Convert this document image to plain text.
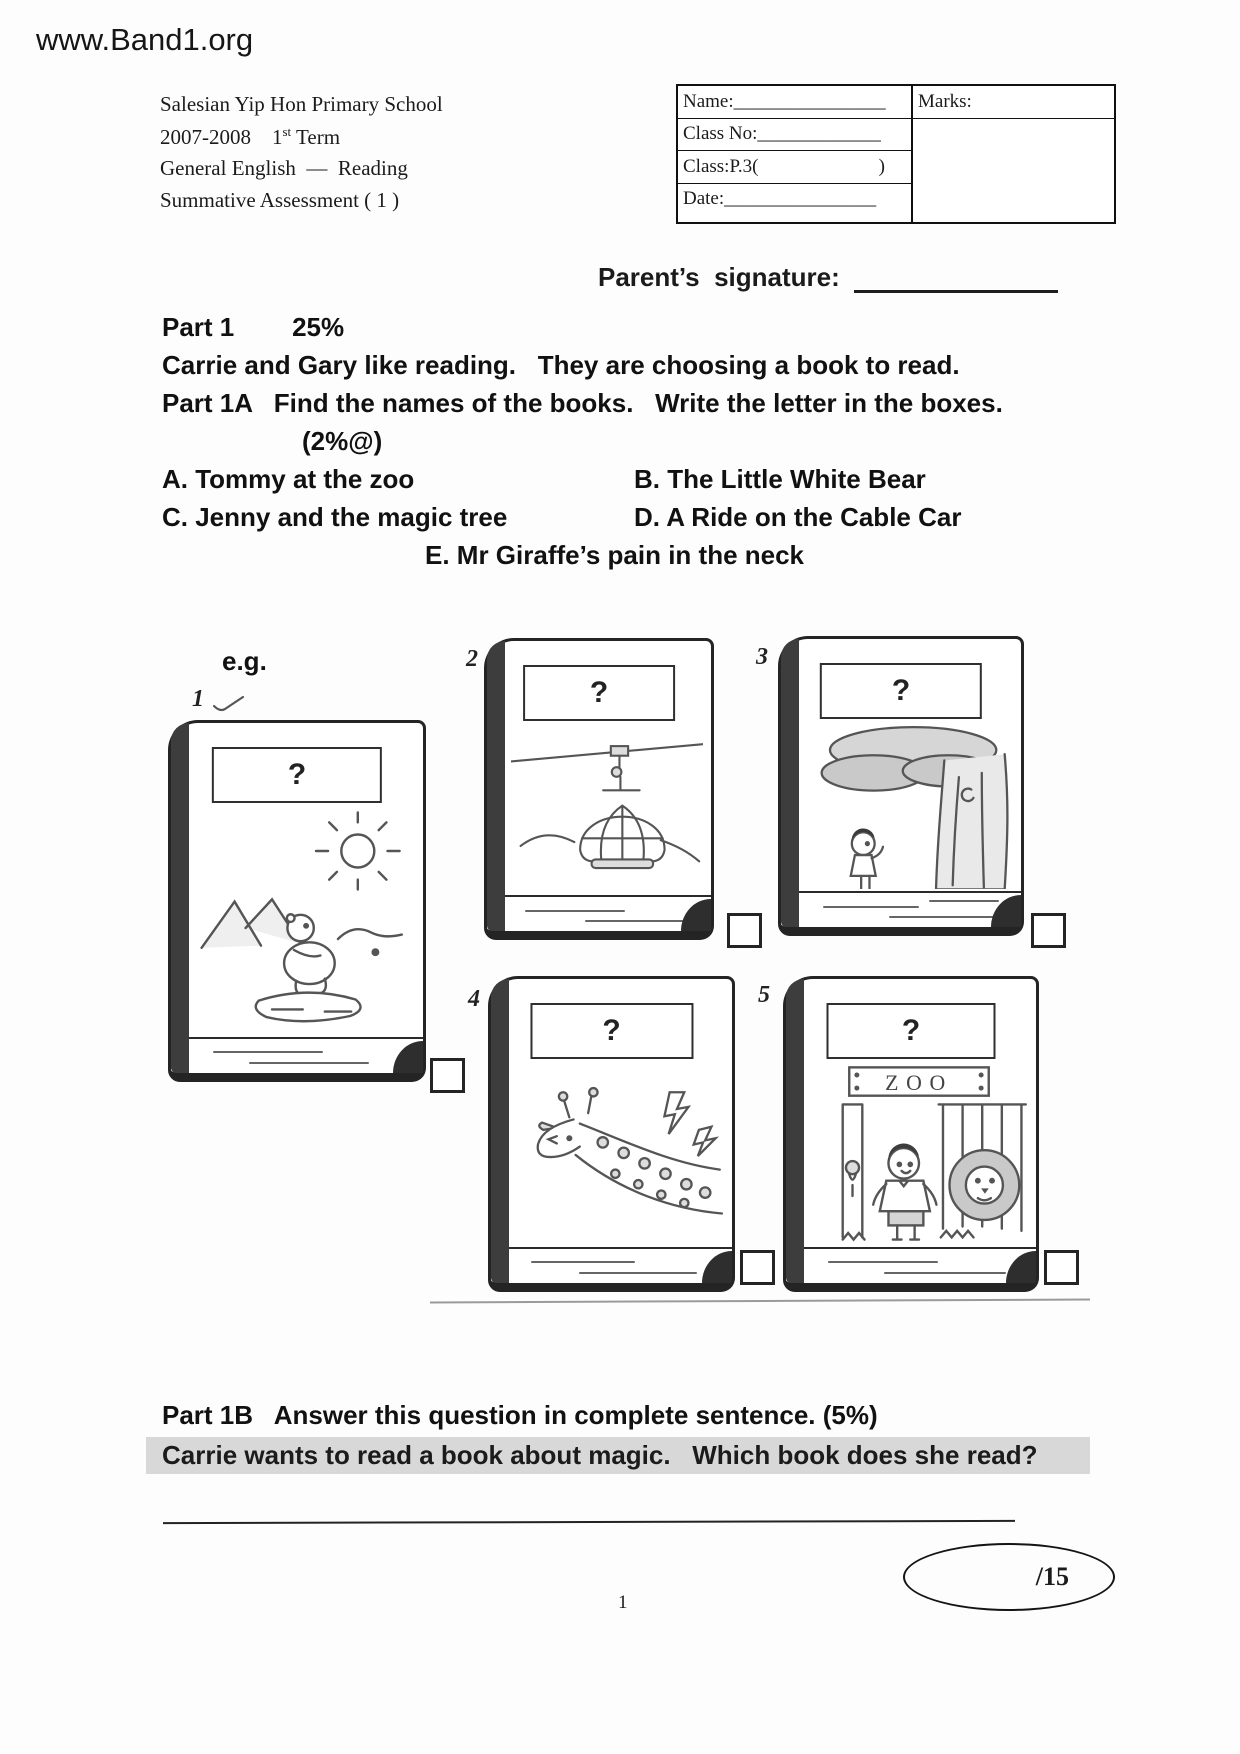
www.Band1.org
Salesian Yip Hon Primary School
2007-2008 1st Term
General English  —  Reading
Summative Assessment ( 1 )
Name:________________
Class No:_____________
Class:P.3(	)
Date:________________
Marks:
Parent’s  signature:
Part 1 25%
Carrie and Gary like reading.   They are choosing a book to read.
Part 1A   Find the names of the books.   Write the letter in the boxes.
(2%@)
A. Tommy at the zoo	B. The Little White Bear
C. Jenny and the magic tree	D. A Ride on the Cable Car
E. Mr Giraffe’s pain in the neck
e.g.
1
?
2
?
3
?
4
?
5
?
ZOO
Part 1B   Answer this question in complete sentence. (5%)
Carrie wants to read a book about magic.   Which book does she read?
/15
1
